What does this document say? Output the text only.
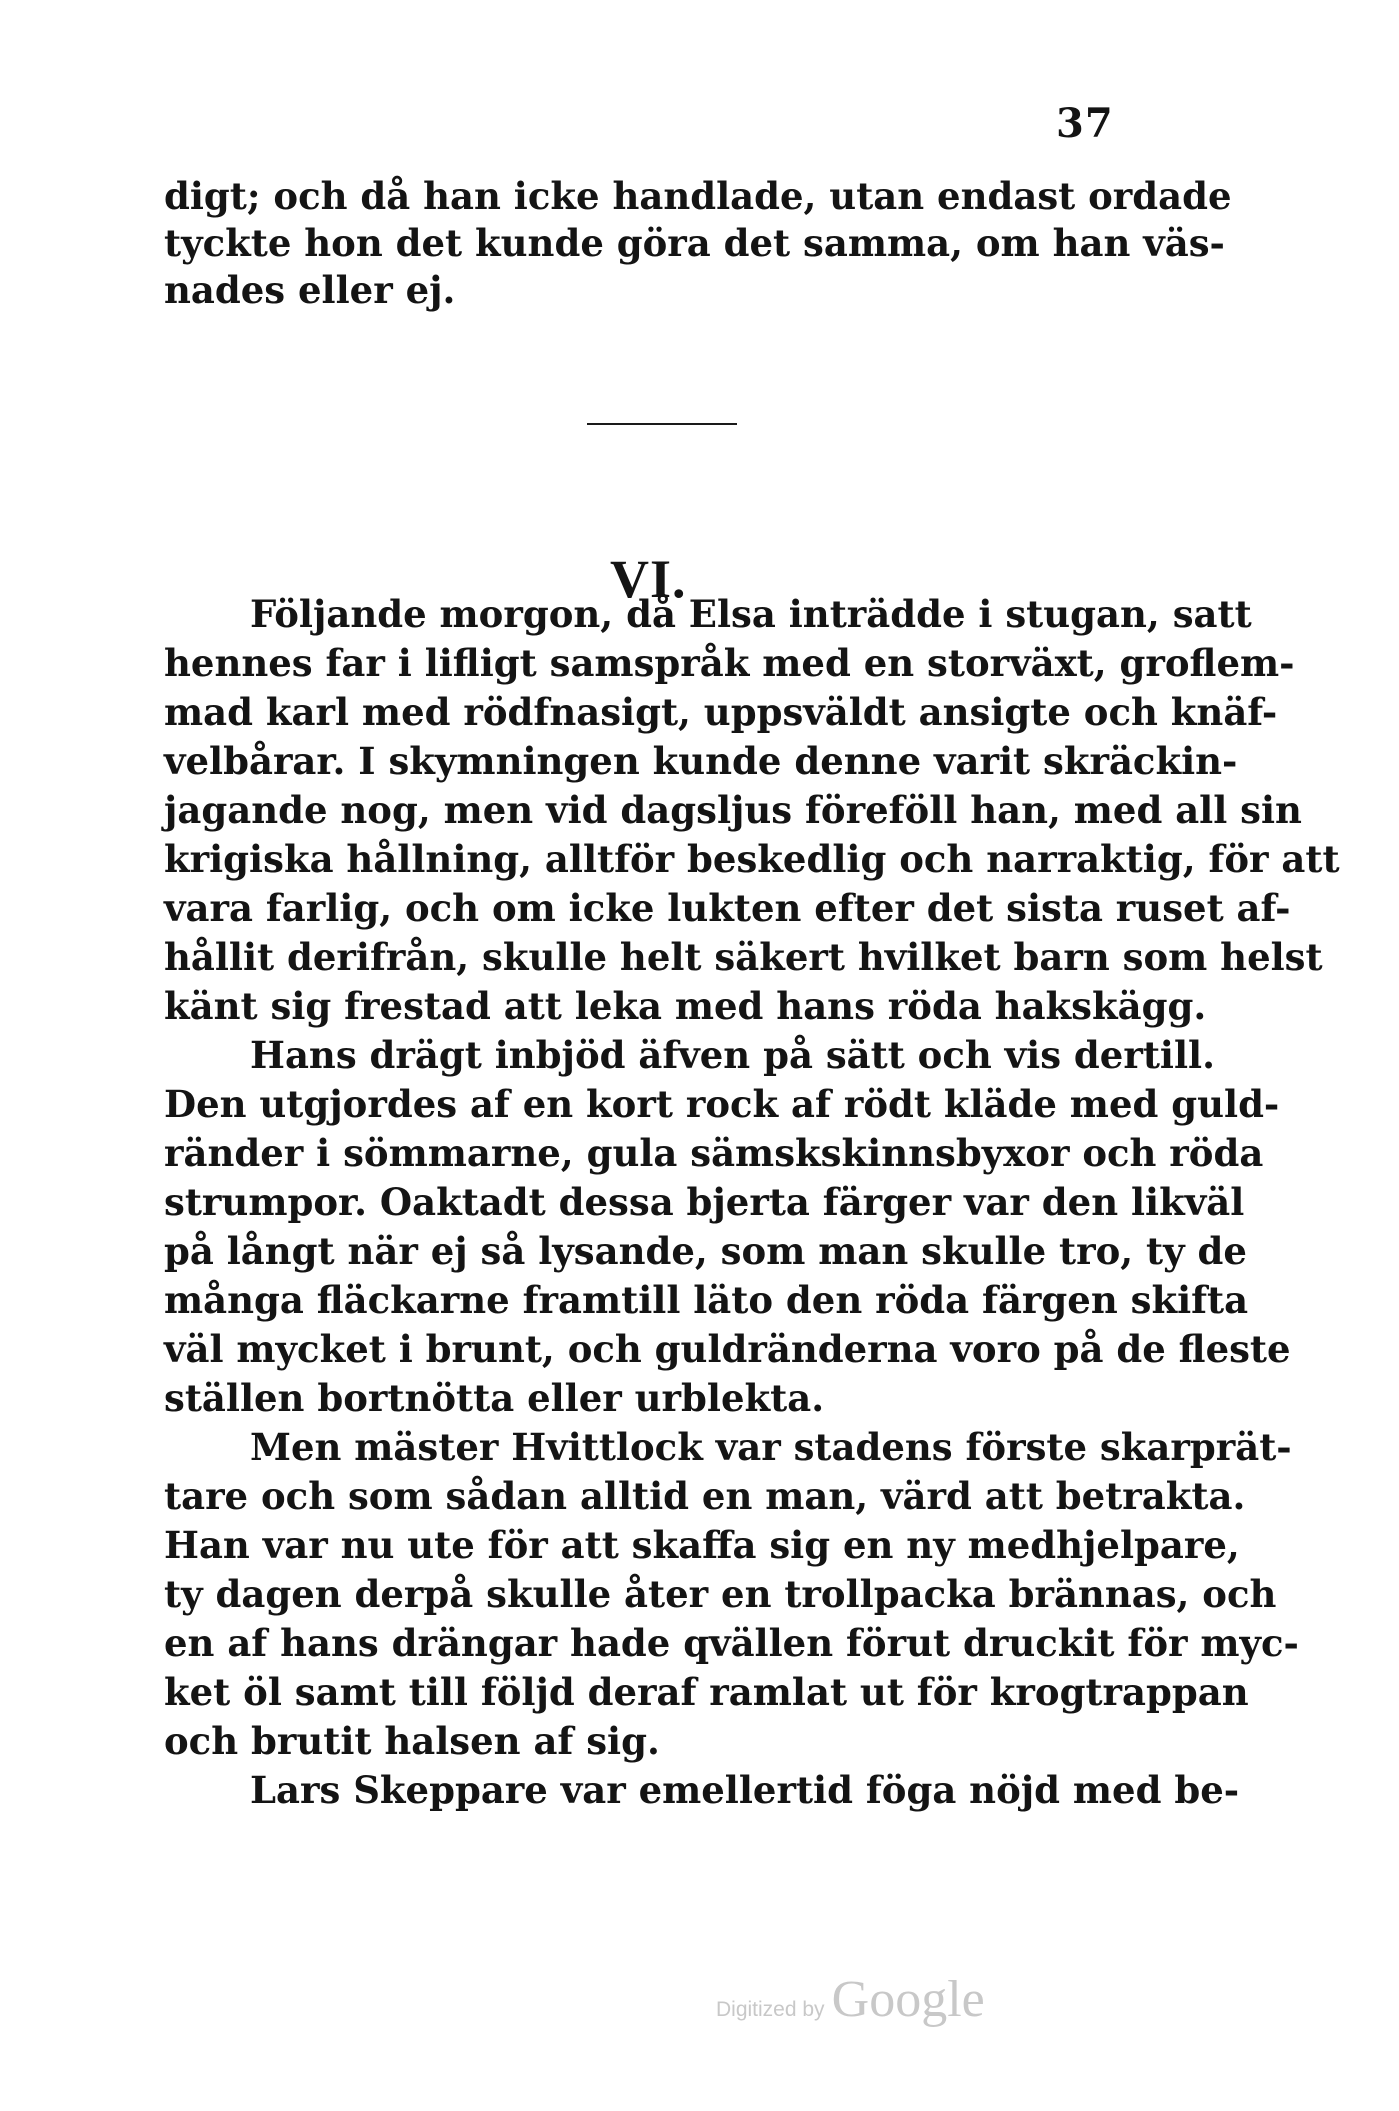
37
digt; och då han icke handlade, utan endast ordade
tyckte hon det kunde göra det samma, om han väs-
nades eller ej.
Följande morgon, då Elsa inträdde i stugan, satt
hennes far i lifligt samspråk med en storväxt, groflem-
mad karl med rödfnasigt, uppsväldt ansigte och knäf-
velbårar. I skymningen kunde denne varit skräckin-
jagande nog, men vid dagsljus föreföll han, med all sin
krigiska hållning, alltför beskedlig och narraktig, för att
vara farlig, och om icke lukten efter det sista ruset af-
hållit derifrån, skulle helt säkert hvilket barn som helst
känt sig frestad att leka med hans röda hakskägg.
Hans drägt inbjöd äfven på sätt och vis dertill.
Den utgjordes af en kort rock af rödt kläde med guld-
ränder i sömmarne, gula sämskskinnsbyxor och röda
strumpor. Oaktadt dessa bjerta färger var den likväl
på långt när ej så lysande, som man skulle tro, ty de
många fläckarne framtill läto den röda färgen skifta
väl mycket i brunt, och guldränderna voro på de fleste
ställen bortnötta eller urblekta.
Men mäster Hvittlock var stadens förste skarprät-
tare och som sådan alltid en man, värd att betrakta.
Han var nu ute för att skaffa sig en ny medhjelpare,
ty dagen derpå skulle åter en trollpacka brännas, och
en af hans drängar hade qvällen förut druckit för myc-
ket öl samt till följd deraf ramlat ut för krogtrappan
och brutit halsen af sig.
Lars Skeppare var emellertid föga nöjd med be-
VI.
Digitized by Google
